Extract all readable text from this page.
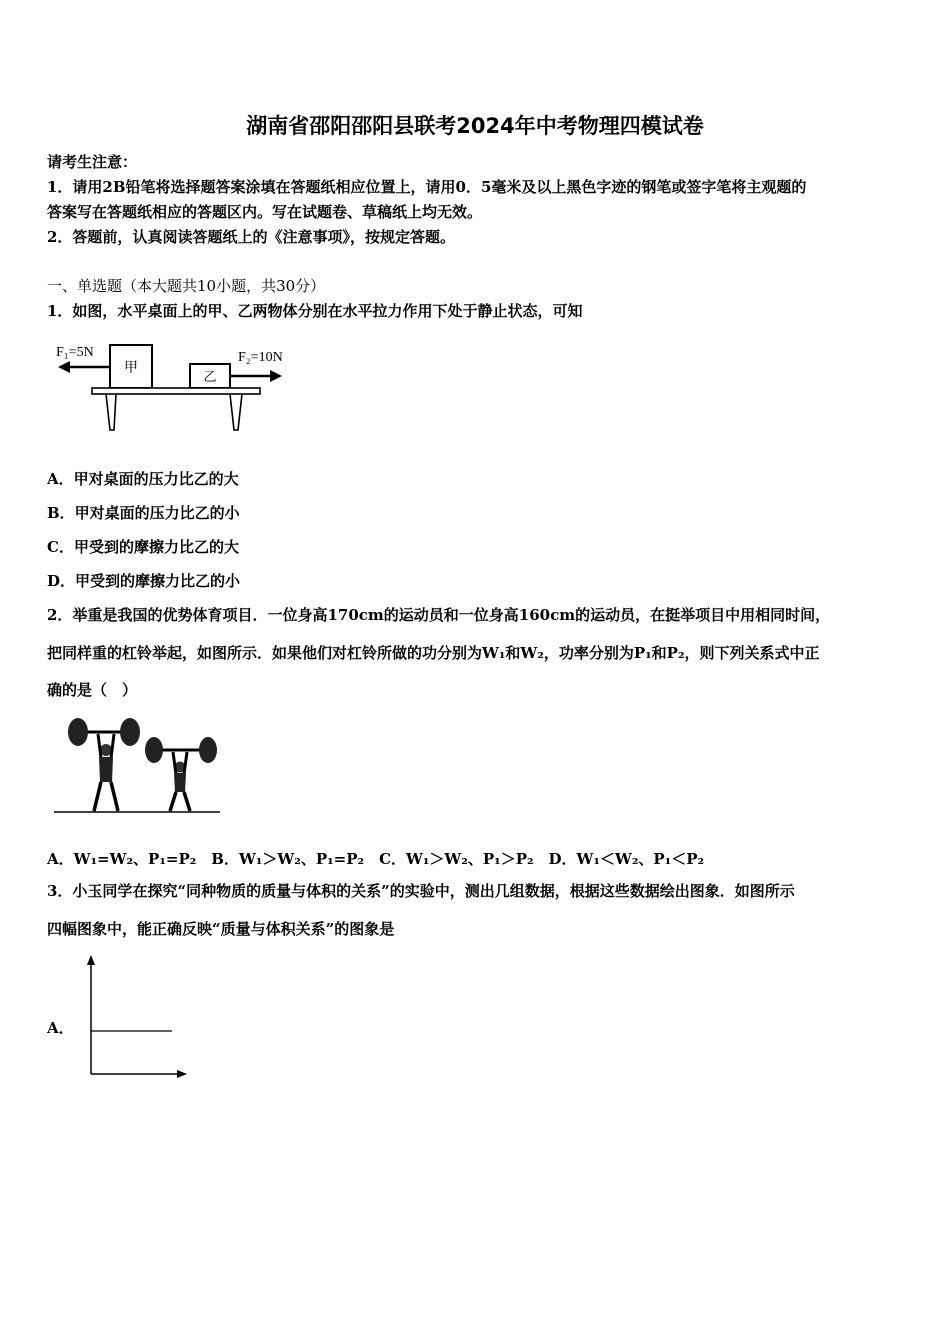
湖南省邵阳邵阳县联考2024年中考物理四模试卷
请考生注意：
1．请用2B铅笔将选择题答案涂填在答题纸相应位置上，请用0．5毫米及以上黑色字迹的钢笔或签字笔将主观题的
答案写在答题纸相应的答题区内。写在试题卷、草稿纸上均无效。
2．答题前，认真阅读答题纸上的《注意事项》，按规定答题。
一、单选题（本大题共10小题，共30分）
1．如图，水平桌面上的甲、乙两物体分别在水平拉力作用下处于静止状态，可知
甲
乙
F₁=5N	F₂=10N
A．甲对桌面的压力比乙的大
B．甲对桌面的压力比乙的小
C．甲受到的摩擦力比乙的大
D．甲受到的摩擦力比乙的小
2．举重是我国的优势体育项目．一位身高170cm的运动员和一位身高160cm的运动员，在挺举项目中用相同时间，
把同样重的杠铃举起，如图所示．如果他们对杠铃所做的功分别为W₁和W₂，功率分别为P₁和P₂，则下列关系式中正
确的是（　）
A．W₁=W₂、P₁=P₂　B．W₁＞W₂、P₁=P₂　C．W₁＞W₂、P₁＞P₂　D．W₁＜W₂、P₁＜P₂
3．小玉同学在探究“同种物质的质量与体积的关系”的实验中，测出几组数据，根据这些数据绘出图象．如图所示
四幅图象中，能正确反映“质量与体积关系”的图象是
A．
